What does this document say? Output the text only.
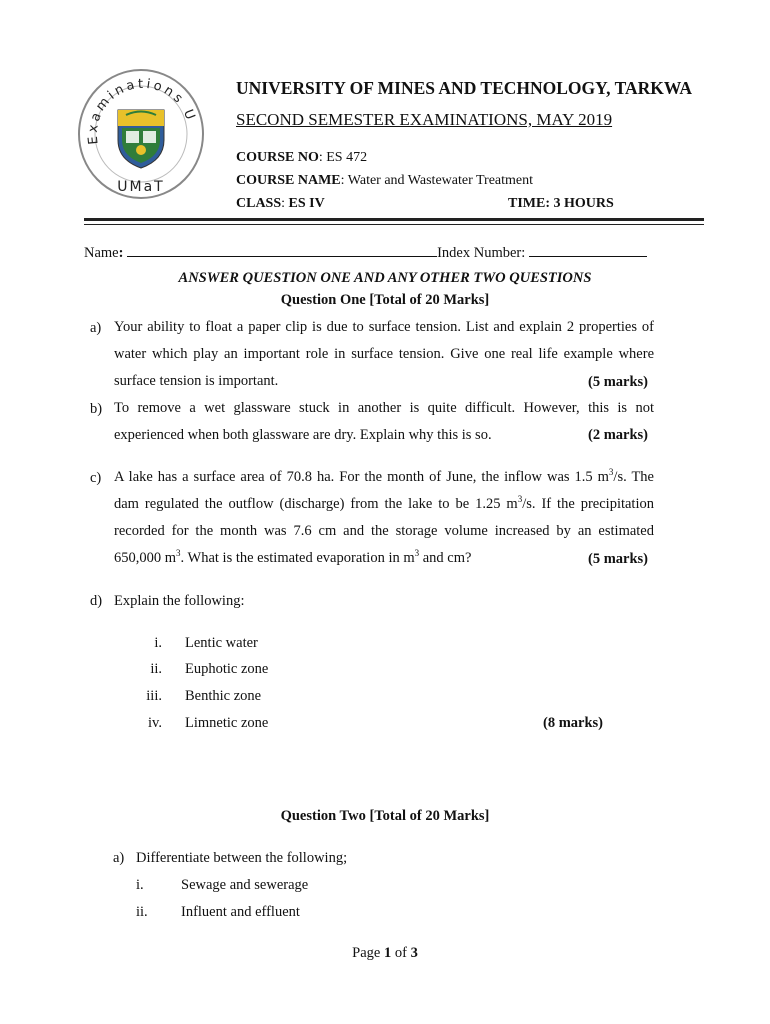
Examinations U
UMaT
UNIVERSITY OF MINES AND TECHNOLOGY, TARKWA
SECOND SEMESTER EXAMINATIONS, MAY 2019
COURSE NO: ES 472
COURSE NAME: Water and Wastewater Treatment
CLASS: ES IV	TIME: 3 HOURS
Name:	Index Number:
ANSWER QUESTION ONE AND ANY OTHER TWO QUESTIONS
Question One [Total of 20 Marks]
a) Your ability to float a paper clip is due to surface tension. List and explain 2 properties of water which play an important role in surface tension. Give one real life example where surface tension is important.	(5 marks)
b) To remove a wet glassware stuck in another is quite difficult. However, this is not experienced when both glassware are dry. Explain why this is so.	(2 marks)
c) A lake has a surface area of 70.8 ha. For the month of June, the inflow was 1.5 $m^3/s$. The dam regulated the outflow (discharge) from the lake to be 1.25 $m^3/s$. If the precipitation recorded for the month was 7.6 cm and the storage volume increased by an estimated 650,000 $m^3$. What is the estimated evaporation in $m^3$ and cm?	(5 marks)
d) Explain the following:
i. Lentic water
ii. Euphotic zone
iii. Benthic zone
iv. Limnetic zone	(8 marks)
Question Two [Total of 20 Marks]
a) Differentiate between the following;
i.	Sewage and sewerage
ii. Influent and effluent
Page 1 of 3
